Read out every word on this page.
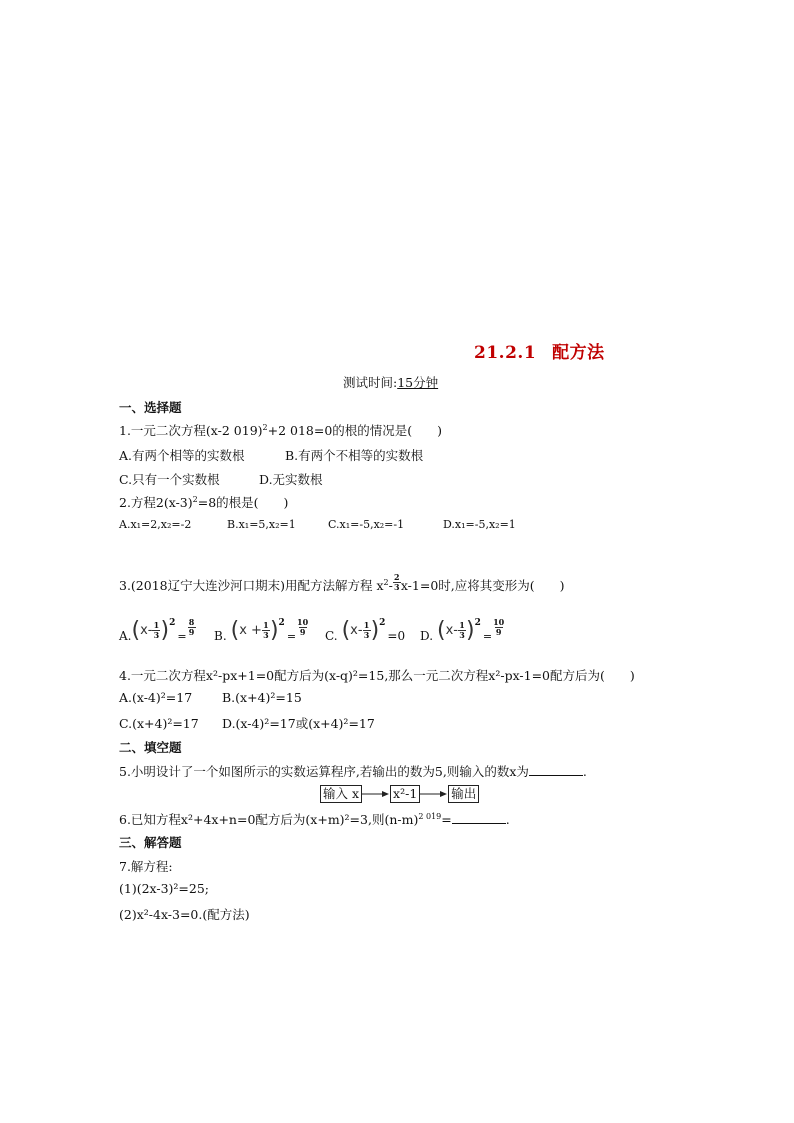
21.2.1 配方法
测试时间:15分钟
一、选择题
1.一元二次方程(x-2 019)$^2$+2 018=0的根的情况是(　　)
A.有两个相等的实数根	B.有两个不相等的实数根
C.只有一个实数根	D.无实数根
2.方程$2(x-3)^2=8$的根是(　　)
A.x₁=2,x₂=-2	B.x₁=5,x₂=1	C.x₁=-5,x₂=-1	D.x₁=-5,x₂=1
3.(2018辽宁大连沙河口期末)用配方法解方程 $x^2- \frac{2}{3} x-1=0$时,应将其变形为(　　)
A. ( $x- \frac{1}{3}$ ) 2
= $\frac{8}{9} B$. ( $x + \frac{1}{3}$ ) 2
= $\frac{10}{9} C$. ( $x- \frac{1}{3}$ ) 2
=0 D. ( $x- \frac{1}{3}$ ) 2
= $\frac{10}{9}$
4.一元二次方程x²-px+1=0配方后为(x-q)²=15,那么一元二次方程x²-px-1=0配方后为(　　)
A.(x-4)²=17 B.(x+4)²=15
C.(x+4)²=17 D.(x-4)²=17或(x+4)²=17
二、填空题
5.小明设计了一个如图所示的实数运算程序,若输出的数为5,则输入的数x为	.
输入 x	x²-1	输出
6.已知方程x²+4x+n=0配方后为(x+m)²=3,则$(n-m)^{2 019}=$	.
三、解答题
7.解方程:
(1)(2x-3)²=25;
(2)x²-4x-3=0.(配方法)
